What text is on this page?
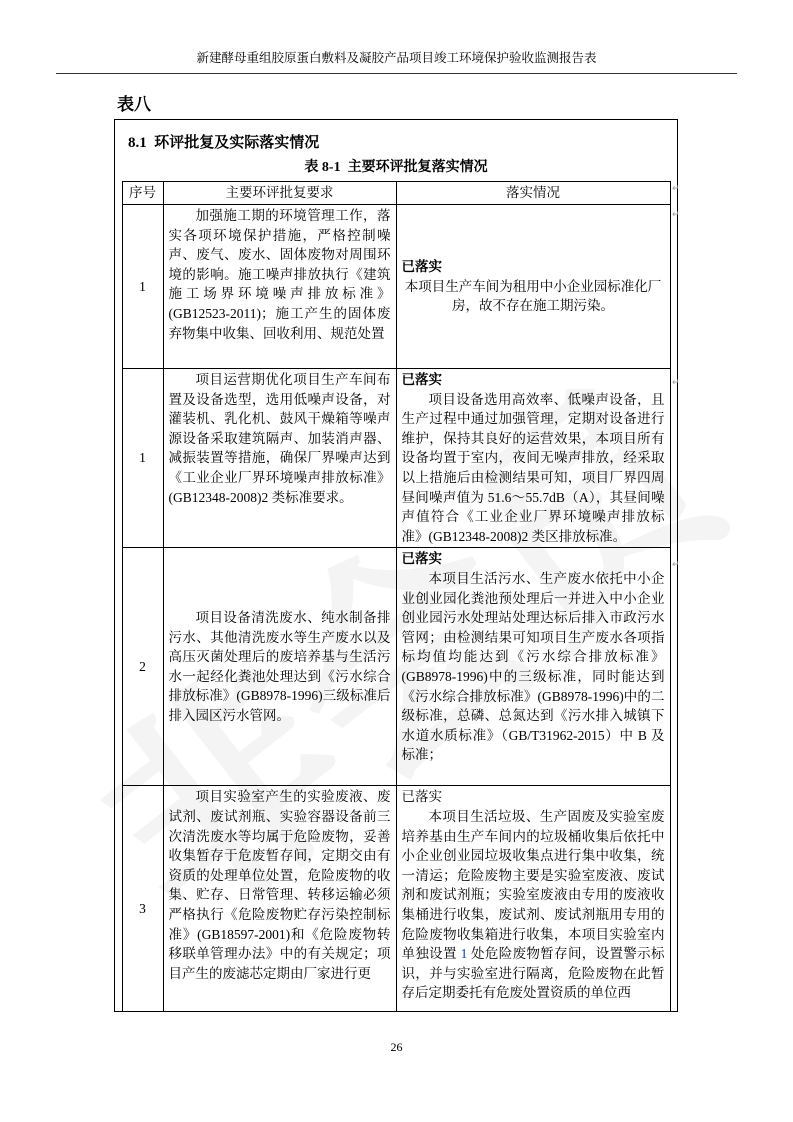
新建酵母重组胶原蛋白敷料及凝胶产品项目竣工环境保护验收监测报告表
表八
8.1  环评批复及实际落实情况
表 8-1  主要环评批复落实情况
序号	主要环评批复要求	落实情况
1	加强施工期的环境管理工作，落实各项环境保护措施，严格控制噪声、废气、废水、固体废物对周围环境的影响。施工噪声排放执行《建筑施工场界环境噪声排放标准》(GB12523-2011)；施工产生的固体废弃物集中收集、回收利用、规范处置	已落实

本项目生产车间为租用中小企业园标准化厂房，故不存在施工期污染。

1	项目运营期优化项目生产车间布置及设备选型，选用低噪声设备，对灌装机、乳化机、鼓风干燥箱等噪声源设备采取建筑隔声、加装消声器、减振装置等措施，确保厂界噪声达到《工业企业厂界环境噪声排放标准》(GB12348-2008)2 类标准要求。	已落实

项目设备选用高效率、低噪声设备，且生产过程中通过加强管理，定期对设备进行维护，保持其良好的运营效果，本项目所有设备均置于室内，夜间无噪声排放，经采取以上措施后由检测结果可知，项目厂界四周昼间噪声值为 51.6～55.7dB（A），其昼间噪声值符合《工业企业厂界环境噪声排放标准》(GB12348-2008)2 类区排放标准。

2	项目设备清洗废水、纯水制备排污水、其他清洗废水等生产废水以及高压灭菌处理后的废培养基与生活污水一起经化粪池处理达到《污水综合排放标准》(GB8978-1996)三级标准后排入园区污水管网。	已落实

本项目生活污水、生产废水依托中小企业创业园化粪池预处理后一并进入中小企业创业园污水处理站处理达标后排入市政污水管网；由检测结果可知项目生产废水各项指标均值均能达到《污水综合排放标准》(GB8978-1996)中的三级标准，同时能达到《污水综合排放标准》(GB8978-1996)中的二级标准，总磷、总氮达到《污水排入城镇下水道水质标准》（GB/T31962-2015）中 B 及标准；

3	项目实验室产生的实验废液、废试剂、废试剂瓶、实验容器设备前三次清洗废水等均属于危险废物，妥善收集暂存于危废暂存间，定期交由有资质的处理单位处置，危险废物的收集、贮存、日常管理、转移运输必须严格执行《危险废物贮存污染控制标准》(GB18597-2001)和《危险废物转移联单管理办法》中的有关规定；项目产生的废滤芯定期由厂家进行更	已落实

本项目生活垃圾、生产固废及实验室废培养基由生产车间内的垃圾桶收集后依托中小企业创业园垃圾收集点进行集中收集，统一清运；危险废物主要是实验室废液、废试剂和废试剂瓶；实验室废液由专用的废液收集桶进行收集，废试剂、废试剂瓶用专用的危险废物收集箱进行收集，本项目实验室内单独设置 1 处危险废物暂存间，设置警示标识，并与实验室进行隔离，危险废物在此暂存后定期委托有危废处置资质的单位西

↵
↵
↵
↵
26
